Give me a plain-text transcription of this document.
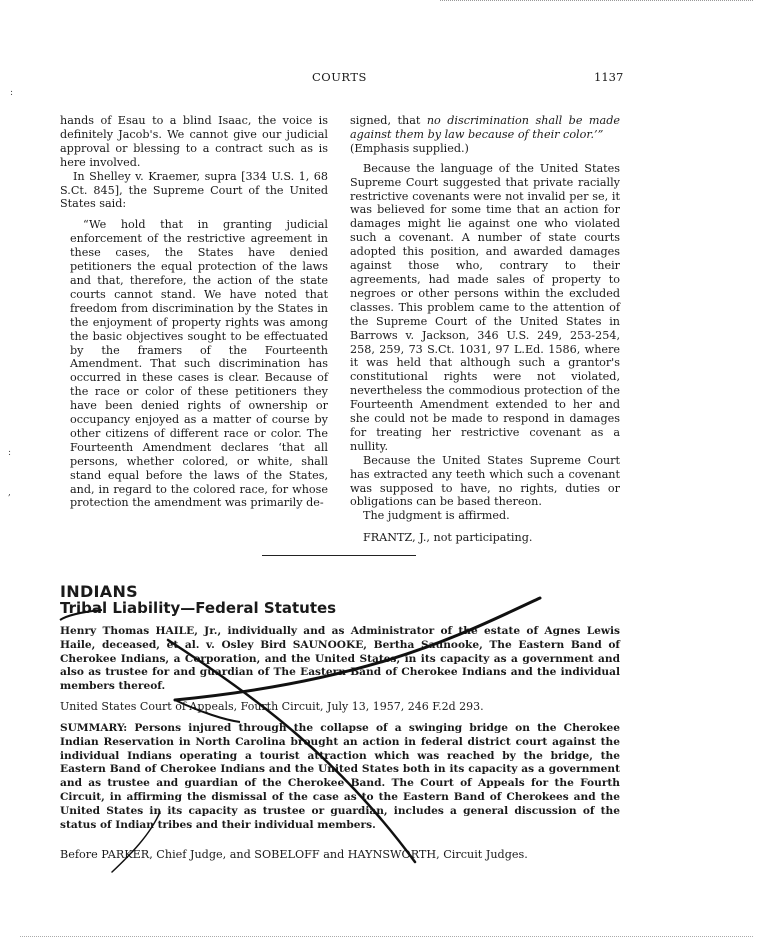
COURTS	1137
:
:
,

hands of Esau to a blind Isaac, the voice is definitely Jacob's. We cannot give our judicial approval or blessing to a contract such as is here involved.

In Shelley v. Kraemer, supra [334 U.S. 1, 68 S.Ct. 845], the Supreme Court of the United States said:

“We hold that in granting judicial enforcement of the restrictive agreement in these cases, the States have denied petitioners the equal protection of the laws and that, therefore, the action of the state courts cannot stand. We have noted that freedom from discrimination by the States in the enjoyment of property rights was among the basic objectives sought to be effectuated by the framers of the Fourteenth Amendment. That such discrimination has occurred in these cases is clear. Because of the race or color of these petitioners they have been denied rights of ownership or occupancy enjoyed as a matter of course by other citizens of different race or color. The Fourteenth Amendment declares ‘that all persons, whether colored, or white, shall stand equal before the laws of the States, and, in regard to the colored race, for whose protection the amendment was primarily de-

signed, that no discrimination shall be made against them by law because of their color.’”

(Emphasis supplied.)

Because the language of the United States Supreme Court suggested that private racially restrictive covenants were not invalid per se, it was believed for some time that an action for damages might lie against one who violated such a covenant. A number of state courts adopted this position, and awarded damages against those who, contrary to their agreements, had made sales of property to negroes or other persons within the excluded classes. This problem came to the attention of the Supreme Court of the United States in Barrows v. Jackson, 346 U.S. 249, 253-254, 258, 259, 73 S.Ct. 1031, 97 L.Ed. 1586, where it was held that although such a grantor's constitutional rights were not violated, nevertheless the commodious protection of the Fourteenth Amendment extended to her and she could not be made to respond in damages for treating her restrictive covenant as a nullity.

Because the United States Supreme Court has extracted any teeth which such a covenant was supposed to have, no rights, duties or obligations can be based thereon.

The judgment is affirmed.

FRANTZ, J., not participating.

INDIANS
Tribal Liability—Federal Statutes
Henry Thomas HAILE, Jr., individually and as Administrator of the estate of Agnes Lewis Haile, deceased, et al. v. Osley Bird SAUNOOKE, Bertha Saunooke, The Eastern Band of Cherokee Indians, a Corporation, and the United States, in its capacity as a government and also as trustee for and guardian of The Eastern Band of Cherokee Indians and the individual members thereof.
United States Court of Appeals, Fourth Circuit, July 13, 1957, 246 F.2d 293.
SUMMARY: Persons injured through the collapse of a swinging bridge on the Cherokee Indian Reservation in North Carolina brought an action in federal district court against the individual Indians operating a tourist attraction which was reached by the bridge, the Eastern Band of Cherokee Indians and the United States both in its capacity as a government and as trustee and guardian of the Cherokee Band. The Court of Appeals for the Fourth Circuit, in affirming the dismissal of the case as to the Eastern Band of Cherokees and the United States in its capacity as trustee or guardian, includes a general discussion of the status of Indian tribes and their individual members.
Before PARKER, Chief Judge, and SOBELOFF and HAYNSWORTH, Circuit Judges.
